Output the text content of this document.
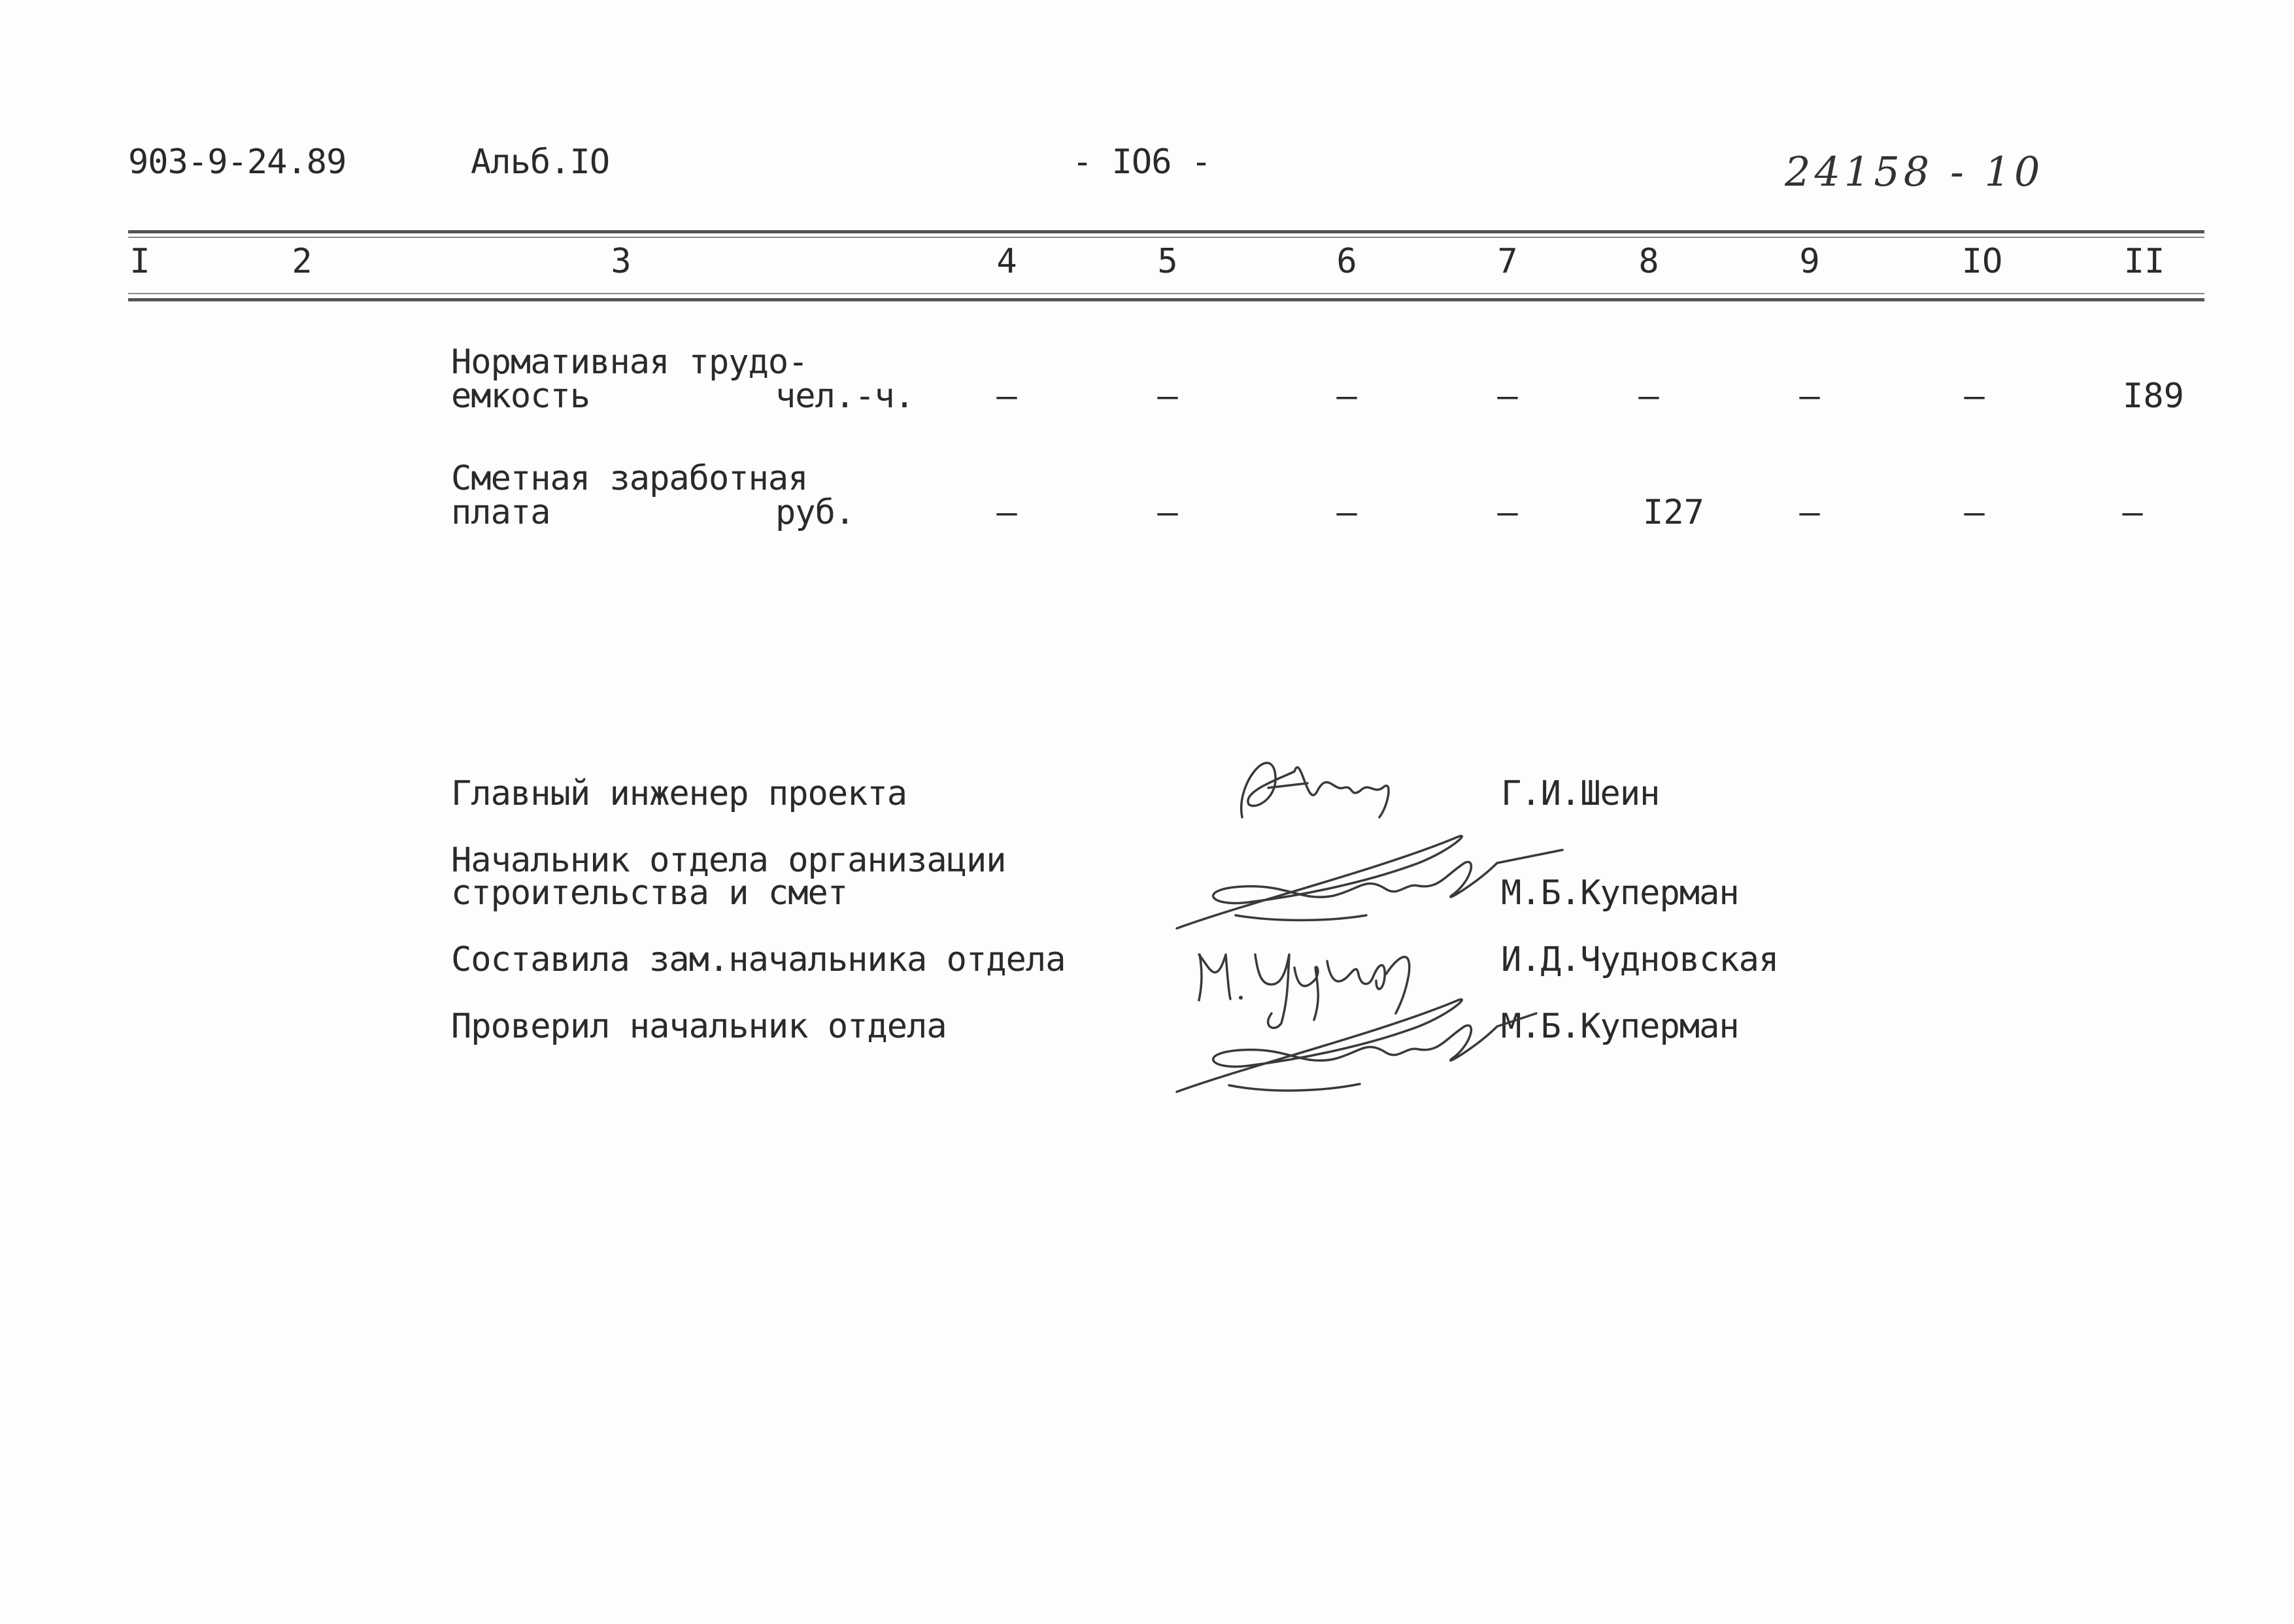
903-9-24.89	Альб.IO	- IO6 -	24158 - 10
I	2	3	4	5	6	7	8	9	IO	II
Нормативная трудо-
емкость	чел.-ч. –	–	–	–	–	–	–	I89
Сметная заработная
плата	руб.	–	–	–	–	I27	–	–	–
Главный инженер проекта	Г.И.Шеин
Начальник отдела организации
строительства и смет	М.Б.Куперман
Составила зам.начальника отдела	И.Д.Чудновская
Проверил начальник отдела	М.Б.Куперман
